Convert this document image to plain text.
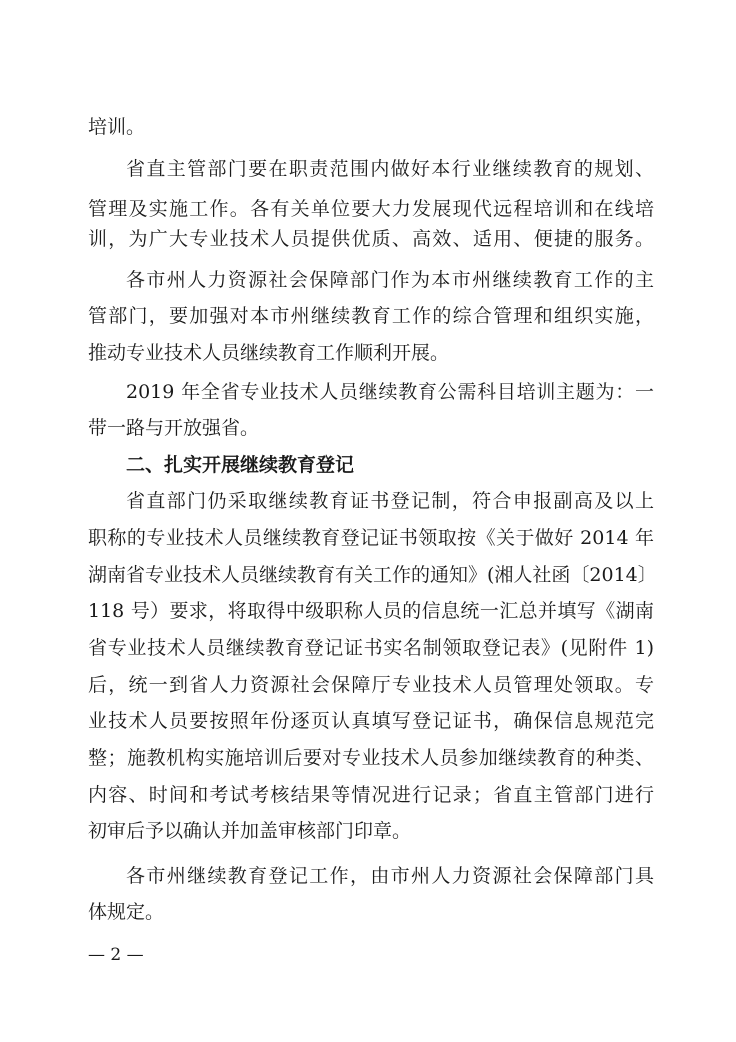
培训。
省直主管部门要在职责范围内做好本行业继续教育的规划、
管理及实施工作。各有关单位要大力发展现代远程培训和在线培
训，为广大专业技术人员提供优质、高效、适用、便捷的服务。
各市州人力资源社会保障部门作为本市州继续教育工作的主
管部门，要加强对本市州继续教育工作的综合管理和组织实施，
推动专业技术人员继续教育工作顺利开展。
2019 年全省专业技术人员继续教育公需科目培训主题为：一
带一路与开放强省。
二、扎实开展继续教育登记
省直部门仍采取继续教育证书登记制，符合申报副高及以上
职称的专业技术人员继续教育登记证书领取按《关于做好 2014 年
湖南省专业技术人员继续教育有关工作的通知》(湘人社函〔2014〕
118 号）要求，将取得中级职称人员的信息统一汇总并填写《湖南
省专业技术人员继续教育登记证书实名制领取登记表》(见附件 1)
后，统一到省人力资源社会保障厅专业技术人员管理处领取。专
业技术人员要按照年份逐页认真填写登记证书，确保信息规范完
整；施教机构实施培训后要对专业技术人员参加继续教育的种类、
内容、时间和考试考核结果等情况进行记录；省直主管部门进行
初审后予以确认并加盖审核部门印章。
各市州继续教育登记工作，由市州人力资源社会保障部门具
体规定。
— 2 —
